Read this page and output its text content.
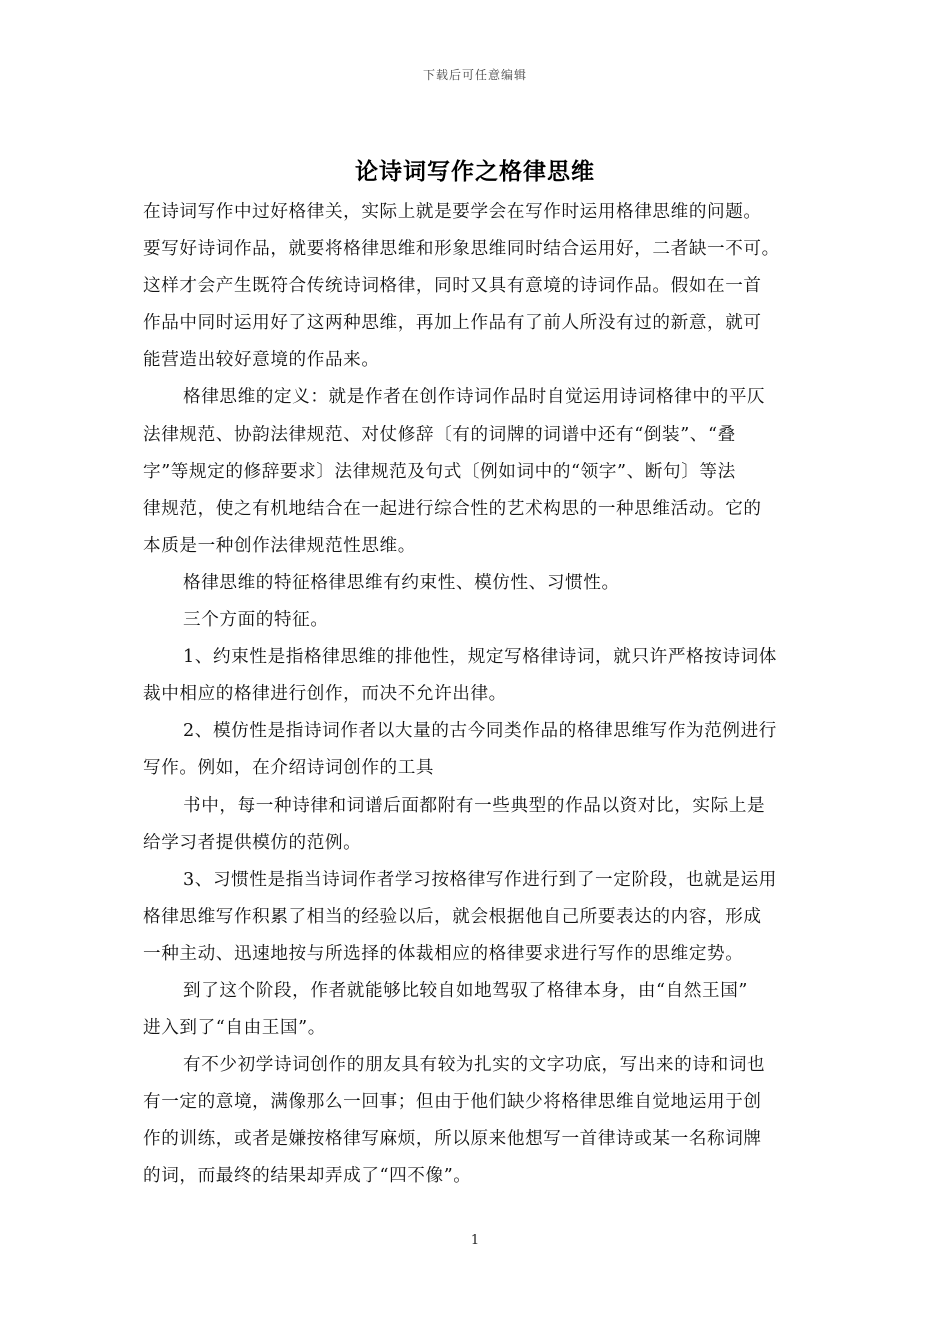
下载后可任意编辑
论诗词写作之格律思维
在诗词写作中过好格律关，实际上就是要学会在写作时运用格律思维的问题。
要写好诗词作品，就要将格律思维和形象思维同时结合运用好，二者缺一不可。
这样才会产生既符合传统诗词格律，同时又具有意境的诗词作品。假如在一首
作品中同时运用好了这两种思维，再加上作品有了前人所没有过的新意，就可
能营造出较好意境的作品来。
格律思维的定义：就是作者在创作诗词作品时自觉运用诗词格律中的平仄
法律规范、协韵法律规范、对仗修辞〔有的词牌的词谱中还有“倒装”、“叠
字”等规定的修辞要求〕法律规范及句式〔例如词中的“领字”、断句〕等法
律规范，使之有机地结合在一起进行综合性的艺术构思的一种思维活动。它的
本质是一种创作法律规范性思维。
格律思维的特征格律思维有约束性、模仿性、习惯性。
三个方面的特征。
1、约束性是指格律思维的排他性，规定写格律诗词，就只许严格按诗词体
裁中相应的格律进行创作，而决不允许出律。
2、模仿性是指诗词作者以大量的古今同类作品的格律思维写作为范例进行
写作。例如，在介绍诗词创作的工具
书中，每一种诗律和词谱后面都附有一些典型的作品以资对比，实际上是
给学习者提供模仿的范例。
3、习惯性是指当诗词作者学习按格律写作进行到了一定阶段，也就是运用
格律思维写作积累了相当的经验以后，就会根据他自己所要表达的内容，形成
一种主动、迅速地按与所选择的体裁相应的格律要求进行写作的思维定势。
到了这个阶段，作者就能够比较自如地驾驭了格律本身，由“自然王国”
进入到了“自由王国”。
有不少初学诗词创作的朋友具有较为扎实的文字功底，写出来的诗和词也
有一定的意境，满像那么一回事；但由于他们缺少将格律思维自觉地运用于创
作的训练，或者是嫌按格律写麻烦，所以原来他想写一首律诗或某一名称词牌
的词，而最终的结果却弄成了“四不像”。
1
